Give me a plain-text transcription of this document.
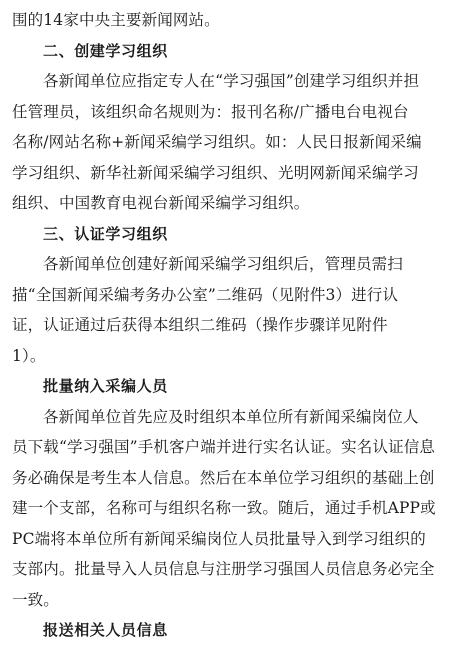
围的14家中央主要新闻网站。
二、创建学习组织
各新闻单位应指定专人在“学习强国”创建学习组织并担
任管理员，该组织命名规则为：报刊名称/广播电台电视台
名称/网站名称+新闻采编学习组织。如：人民日报新闻采编
学习组织、新华社新闻采编学习组织、光明网新闻采编学习
组织、中国教育电视台新闻采编学习组织。
三、认证学习组织
各新闻单位创建好新闻采编学习组织后，管理员需扫
描“全国新闻采编考务办公室”二维码（见附件3）进行认
证，认证通过后获得本组织二维码（操作步骤详见附件
1）。
批量纳入采编人员
各新闻单位首先应及时组织本单位所有新闻采编岗位人
员下载“学习强国”手机客户端并进行实名认证。实名认证信息
务必确保是考生本人信息。然后在本单位学习组织的基础上创
建一个支部，名称可与组织名称一致。随后，通过手机APP或
PC端将本单位所有新闻采编岗位人员批量导入到学习组织的
支部内。批量导入人员信息与注册学习强国人员信息务必完全
一致。
报送相关人员信息
